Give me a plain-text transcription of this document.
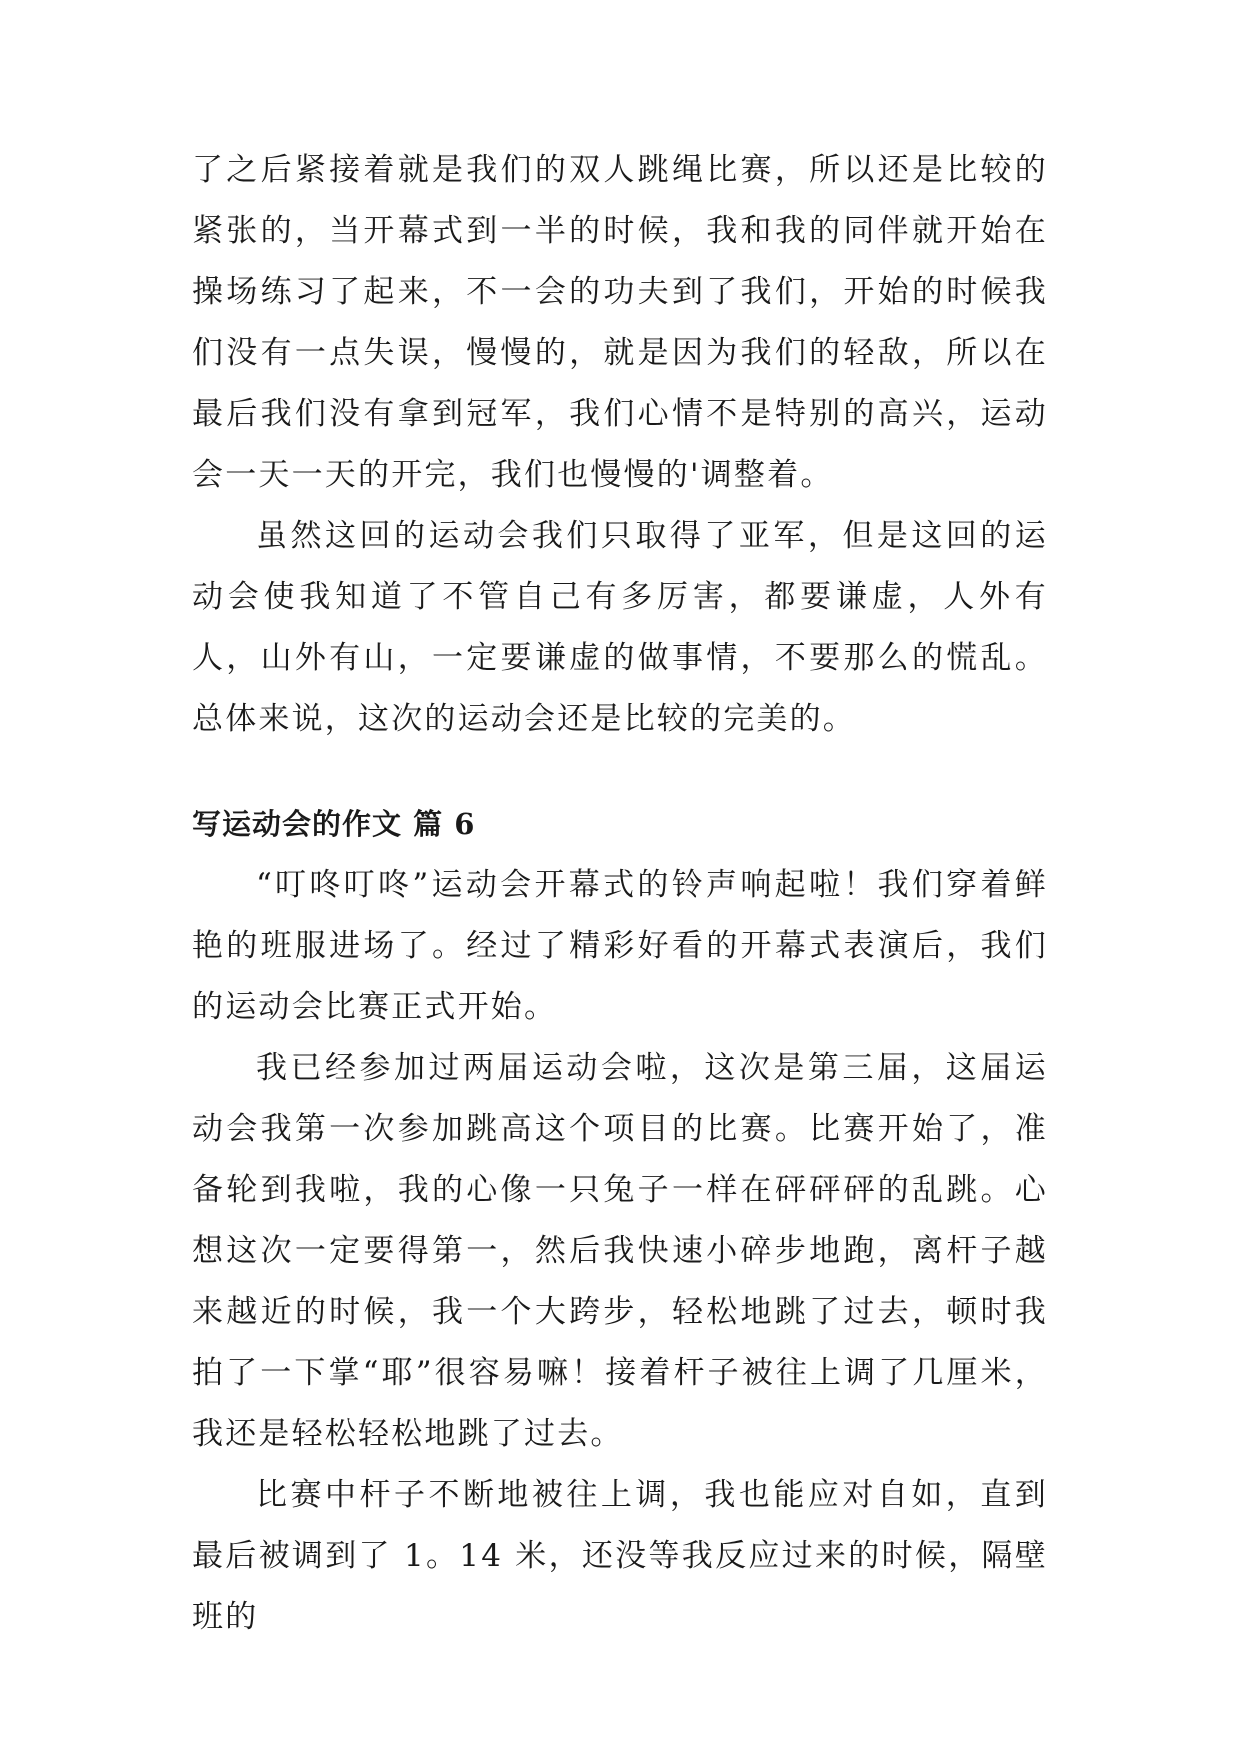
了之后紧接着就是我们的双人跳绳比赛，所以还是比较的紧张的，当开幕式到一半的时候，我和我的同伴就开始在操场练习了起来，不一会的功夫到了我们，开始的时候我们没有一点失误，慢慢的，就是因为我们的轻敌，所以在最后我们没有拿到冠军，我们心情不是特别的高兴，运动会一天一天的开完，我们也慢慢的'调整着。

虽然这回的运动会我们只取得了亚军，但是这回的运动会使我知道了不管自己有多厉害，都要谦虚，人外有人，山外有山，一定要谦虚的做事情，不要那么的慌乱。总体来说，这次的运动会还是比较的完美的。

写运动会的作文 篇 6

“叮咚叮咚”运动会开幕式的铃声响起啦！我们穿着鲜艳的班服进场了。经过了精彩好看的开幕式表演后，我们的运动会比赛正式开始。

我已经参加过两届运动会啦，这次是第三届，这届运动会我第一次参加跳高这个项目的比赛。比赛开始了，准备轮到我啦，我的心像一只兔子一样在砰砰砰的乱跳。心想这次一定要得第一，然后我快速小碎步地跑，离杆子越来越近的时候，我一个大跨步，轻松地跳了过去，顿时我拍了一下掌“耶”很容易嘛！接着杆子被往上调了几厘米，我还是轻松轻松地跳了过去。

比赛中杆子不断地被往上调，我也能应对自如，直到最后被调到了 1。14 米，还没等我反应过来的时候，隔壁班的
